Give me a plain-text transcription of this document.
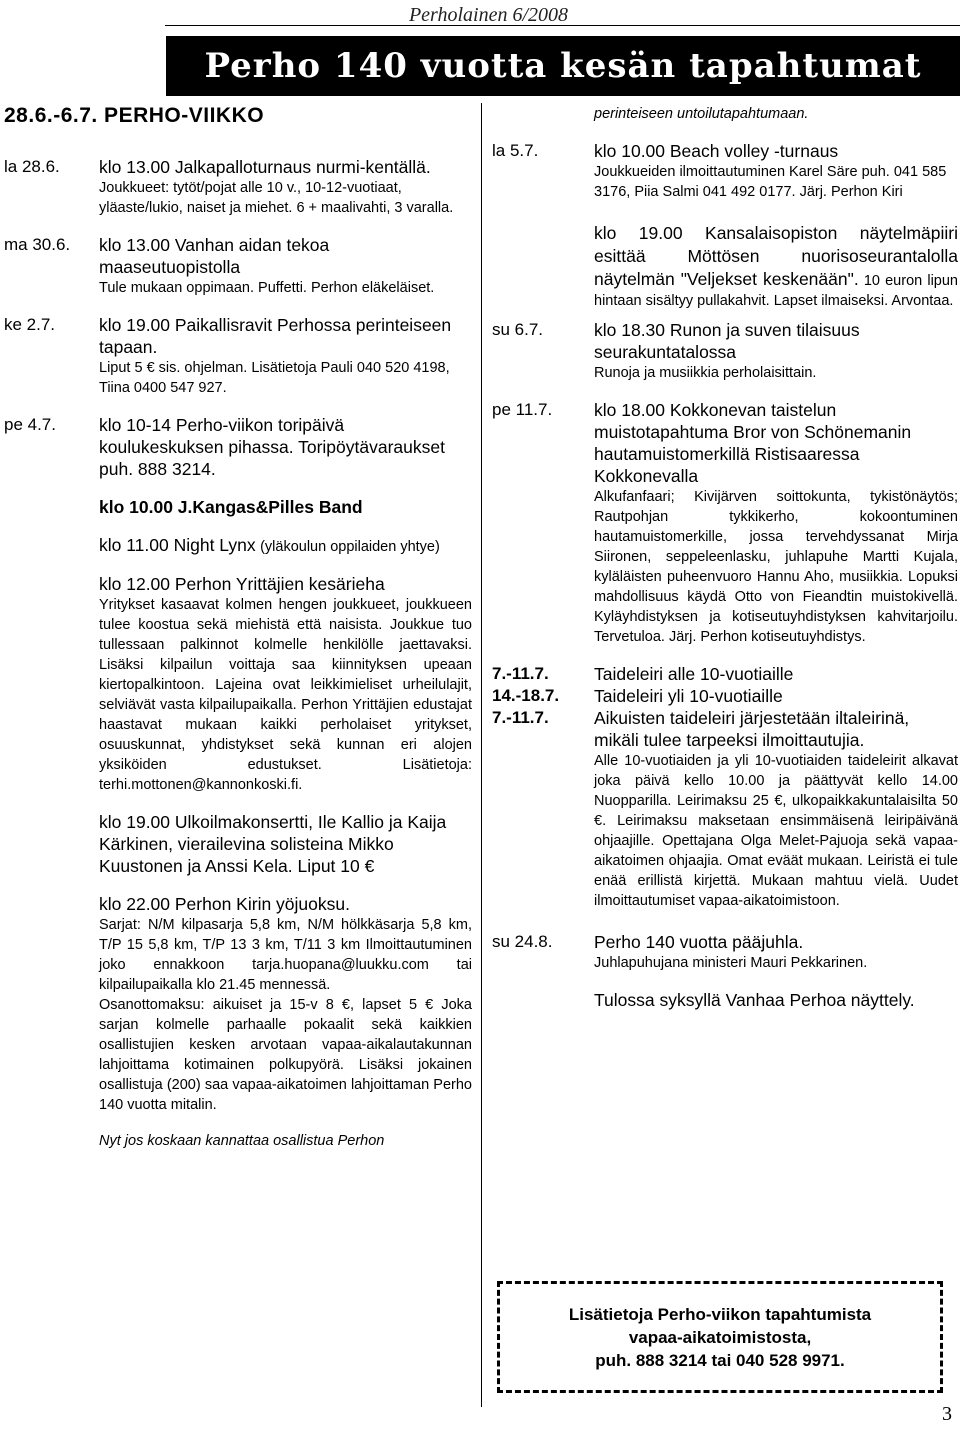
Perholainen 6/2008
Perho 140 vuotta kesän tapahtumat
28.6.-6.7. PERHO-VIIKKO
la 28.6.	klo 13.00 Jalkapalloturnaus nurmi-kentällä.
Joukkueet: tytöt/pojat alle 10 v., 10-12-vuotiaat, yläaste/lukio, naiset ja miehet. 6 + maalivahti, 3 varalla.
ma 30.6.	klo 13.00 Vanhan aidan tekoa maaseutuopistolla
Tule mukaan oppimaan. Puffetti. Perhon eläkeläiset.
ke 2.7.	klo 19.00 Paikallisravit Perhossa perinteiseen tapaan.
Liput 5 € sis. ohjelman. Lisätietoja Pauli 040 520 4198, Tiina 0400 547 927.
pe 4.7.	klo 10-14 Perho-viikon toripäivä koulukeskuksen pihassa. Toripöytävaraukset puh. 888 3214.
klo 10.00 J.Kangas&Pilles Band
klo 11.00 Night Lynx (yläkoulun oppilaiden yhtye)
klo 12.00 Perhon Yrittäjien kesärieha
Yritykset kasaavat kolmen hengen joukkueet, joukkueen tulee koostua sekä miehistä että naisista. Joukkue tuo tullessaan palkinnot kolmelle henkilölle jaettavaksi. Lisäksi kilpailun voittaja saa kiinnityksen upeaan kiertopalkintoon. Lajeina ovat leikkimieliset urheilulajit, selviävät vasta kilpailupaikalla. Perhon Yrittäjien edustajat haastavat mukaan kaikki perholaiset yritykset, osuuskunnat, yhdistykset sekä kunnan eri alojen yksiköiden edustukset. Lisätietoja: terhi.mottonen@kannonkoski.fi.
klo 19.00 Ulkoilmakonsertti, Ile Kallio ja Kaija Kärkinen, vierailevina solisteina Mikko Kuustonen ja Anssi Kela. Liput 10 €
klo 22.00 Perhon Kirin yöjuoksu.
Sarjat: N/M kilpasarja 5,8 km, N/M hölkkäsarja 5,8 km, T/P 15 5,8 km, T/P 13 3 km, T/11 3 km Ilmoittautuminen joko ennakkoon tarja.huopana@luukku.com tai kilpailupaikalla klo 21.45 mennessä.
Osanottomaksu: aikuiset ja 15-v 8 €, lapset 5 € Joka sarjan kolmelle parhaalle pokaalit sekä kaikkien osallistujien kesken arvotaan vapaa-aikalautakunnan lahjoittama kotimainen polkupyörä. Lisäksi jokainen osallistuja (200) saa vapaa-aikatoimen lahjoittaman Perho 140 vuotta mitalin.
Nyt jos koskaan kannattaa osallistua Perhon
perinteiseen untoilutapahtumaan.
la 5.7.	klo 10.00 Beach volley -turnaus
Joukkueiden ilmoittautuminen Karel Säre puh. 041 585 3176, Piia Salmi 041 492 0177. Järj. Perhon Kiri
klo 19.00 Kansalaisopiston näytelmäpiiri esittää Möttösen nuorisoseurantalolla näytelmän "Veljekset keskenään". 10 euron lipun hintaan sisältyy pullakahvit. Lapset ilmaiseksi. Arvontaa.
su 6.7.	klo 18.30 Runon ja suven tilaisuus seurakuntatalossa
Runoja ja musiikkia perholaisittain.
pe 11.7.	klo 18.00 Kokkonevan taistelun muistotapahtuma Bror von Schönemanin hautamuistomerkillä Ristisaaressa Kokkonevalla
Alkufanfaari; Kivijärven soittokunta, tykistönäytös; Rautpohjan tykkikerho, kokoontuminen hautamuistomerkille, jossa tervehdyssanat Mirja Siironen, seppeleenlasku, juhlapuhe Martti Kujala, kyläläisten puheenvuoro Hannu Aho, musiikkia. Lopuksi mahdollisuus käydä Otto von Fieandtin muistokivellä. Kyläyhdistyksen ja kotiseutuyhdistyksen kahvitarjoilu. Tervetuloa. Järj. Perhon kotiseutuyhdistys.
7.-11.7.	Taideleiri alle 10-vuotiaille
14.-18.7.	Taideleiri yli 10-vuotiaille
7.-11.7.	Aikuisten taideleiri järjestetään iltaleirinä, mikäli tulee tarpeeksi ilmoittautujia.
Alle 10-vuotiaiden ja yli 10-vuotiaiden taideleirit alkavat joka päivä kello 10.00 ja päättyvät kello 14.00 Nuopparilla. Leirimaksu 25 €, ulkopaikkakuntalaisilta 50 €. Leirimaksu maksetaan ensimmäisenä leiripäivänä ohjaajille. Opettajana Olga Melet-Pajuoja sekä vapaa-aikatoimen ohjaajia. Omat eväät mukaan. Leiristä ei tule enää erillistä kirjettä. Mukaan mahtuu vielä. Uudet ilmoittautumiset vapaa-aikatoimistoon.
su 24.8.	Perho 140 vuotta pääjuhla.
Juhlapuhujana ministeri Mauri Pekkarinen.
Tulossa syksyllä Vanhaa Perhoa näyttely.
Lisätietoja Perho-viikon tapahtumista
vapaa-aikatoimistosta,
puh. 888 3214 tai 040 528 9971.
3
